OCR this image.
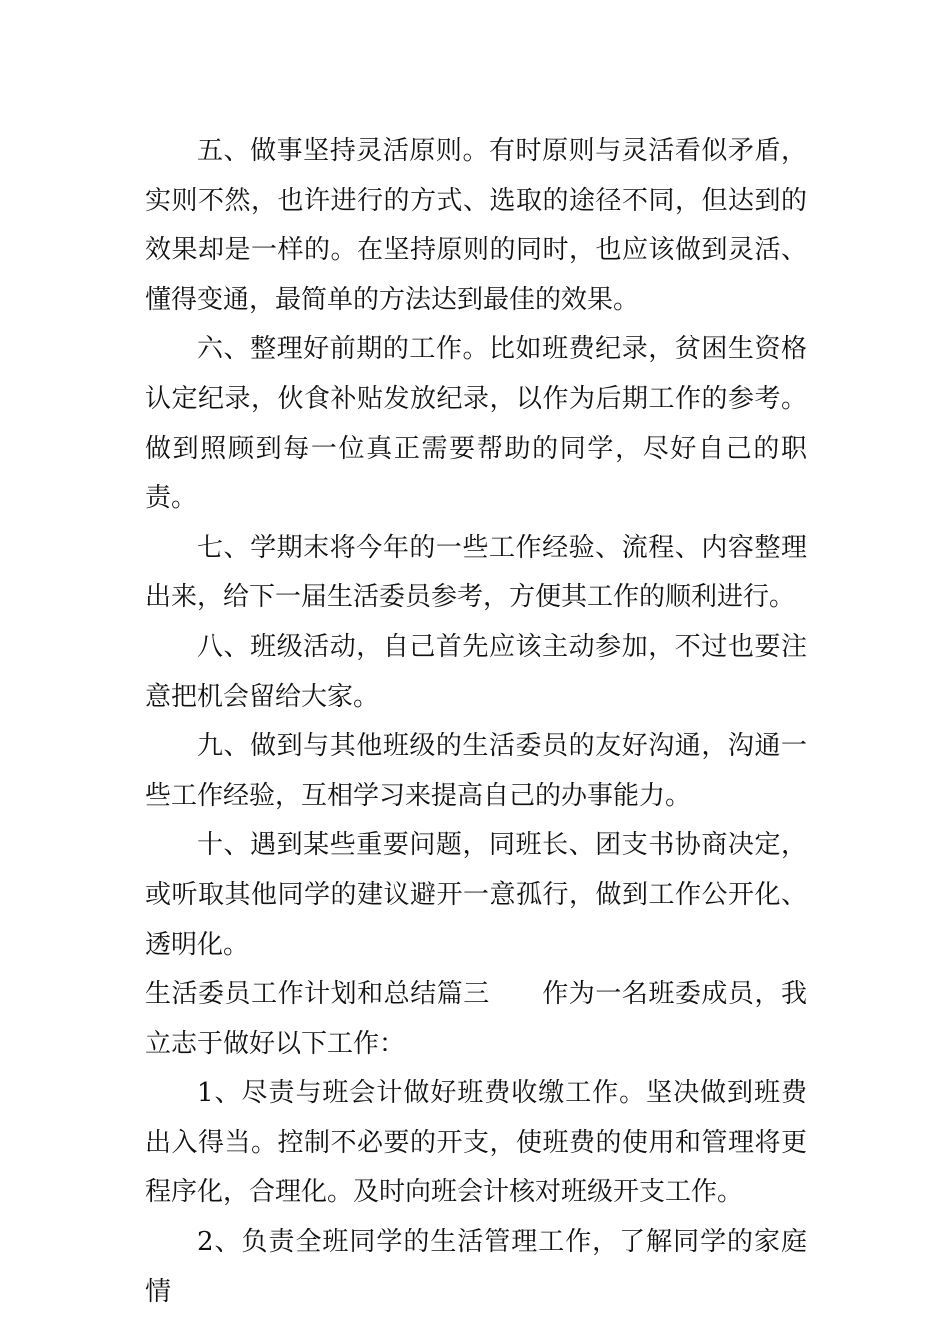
五、做事坚持灵活原则。有时原则与灵活看似矛盾，实则不然，也许进行的方式、选取的途径不同，但达到的效果却是一样的。在坚持原则的同时，也应该做到灵活、懂得变通，最简单的方法达到最佳的效果。

六、整理好前期的工作。比如班费纪录，贫困生资格认定纪录，伙食补贴发放纪录，以作为后期工作的参考。做到照顾到每一位真正需要帮助的同学，尽好自己的职责。

七、学期末将今年的一些工作经验、流程、内容整理出来，给下一届生活委员参考，方便其工作的顺利进行。

八、班级活动，自己首先应该主动参加，不过也要注意把机会留给大家。

九、做到与其他班级的生活委员的友好沟通，沟通一些工作经验，互相学习来提高自己的办事能力。

十、遇到某些重要问题，同班长、团支书协商决定，或听取其他同学的建议避开一意孤行，做到工作公开化、透明化。

生活委员工作计划和总结篇三 作为一名班委成员，我立志于做好以下工作：

1、尽责与班会计做好班费收缴工作。坚决做到班费出入得当。控制不必要的开支，使班费的使用和管理将更程序化，合理化。及时向班会计核对班级开支工作。

2、负责全班同学的生活管理工作，了解同学的家庭情
